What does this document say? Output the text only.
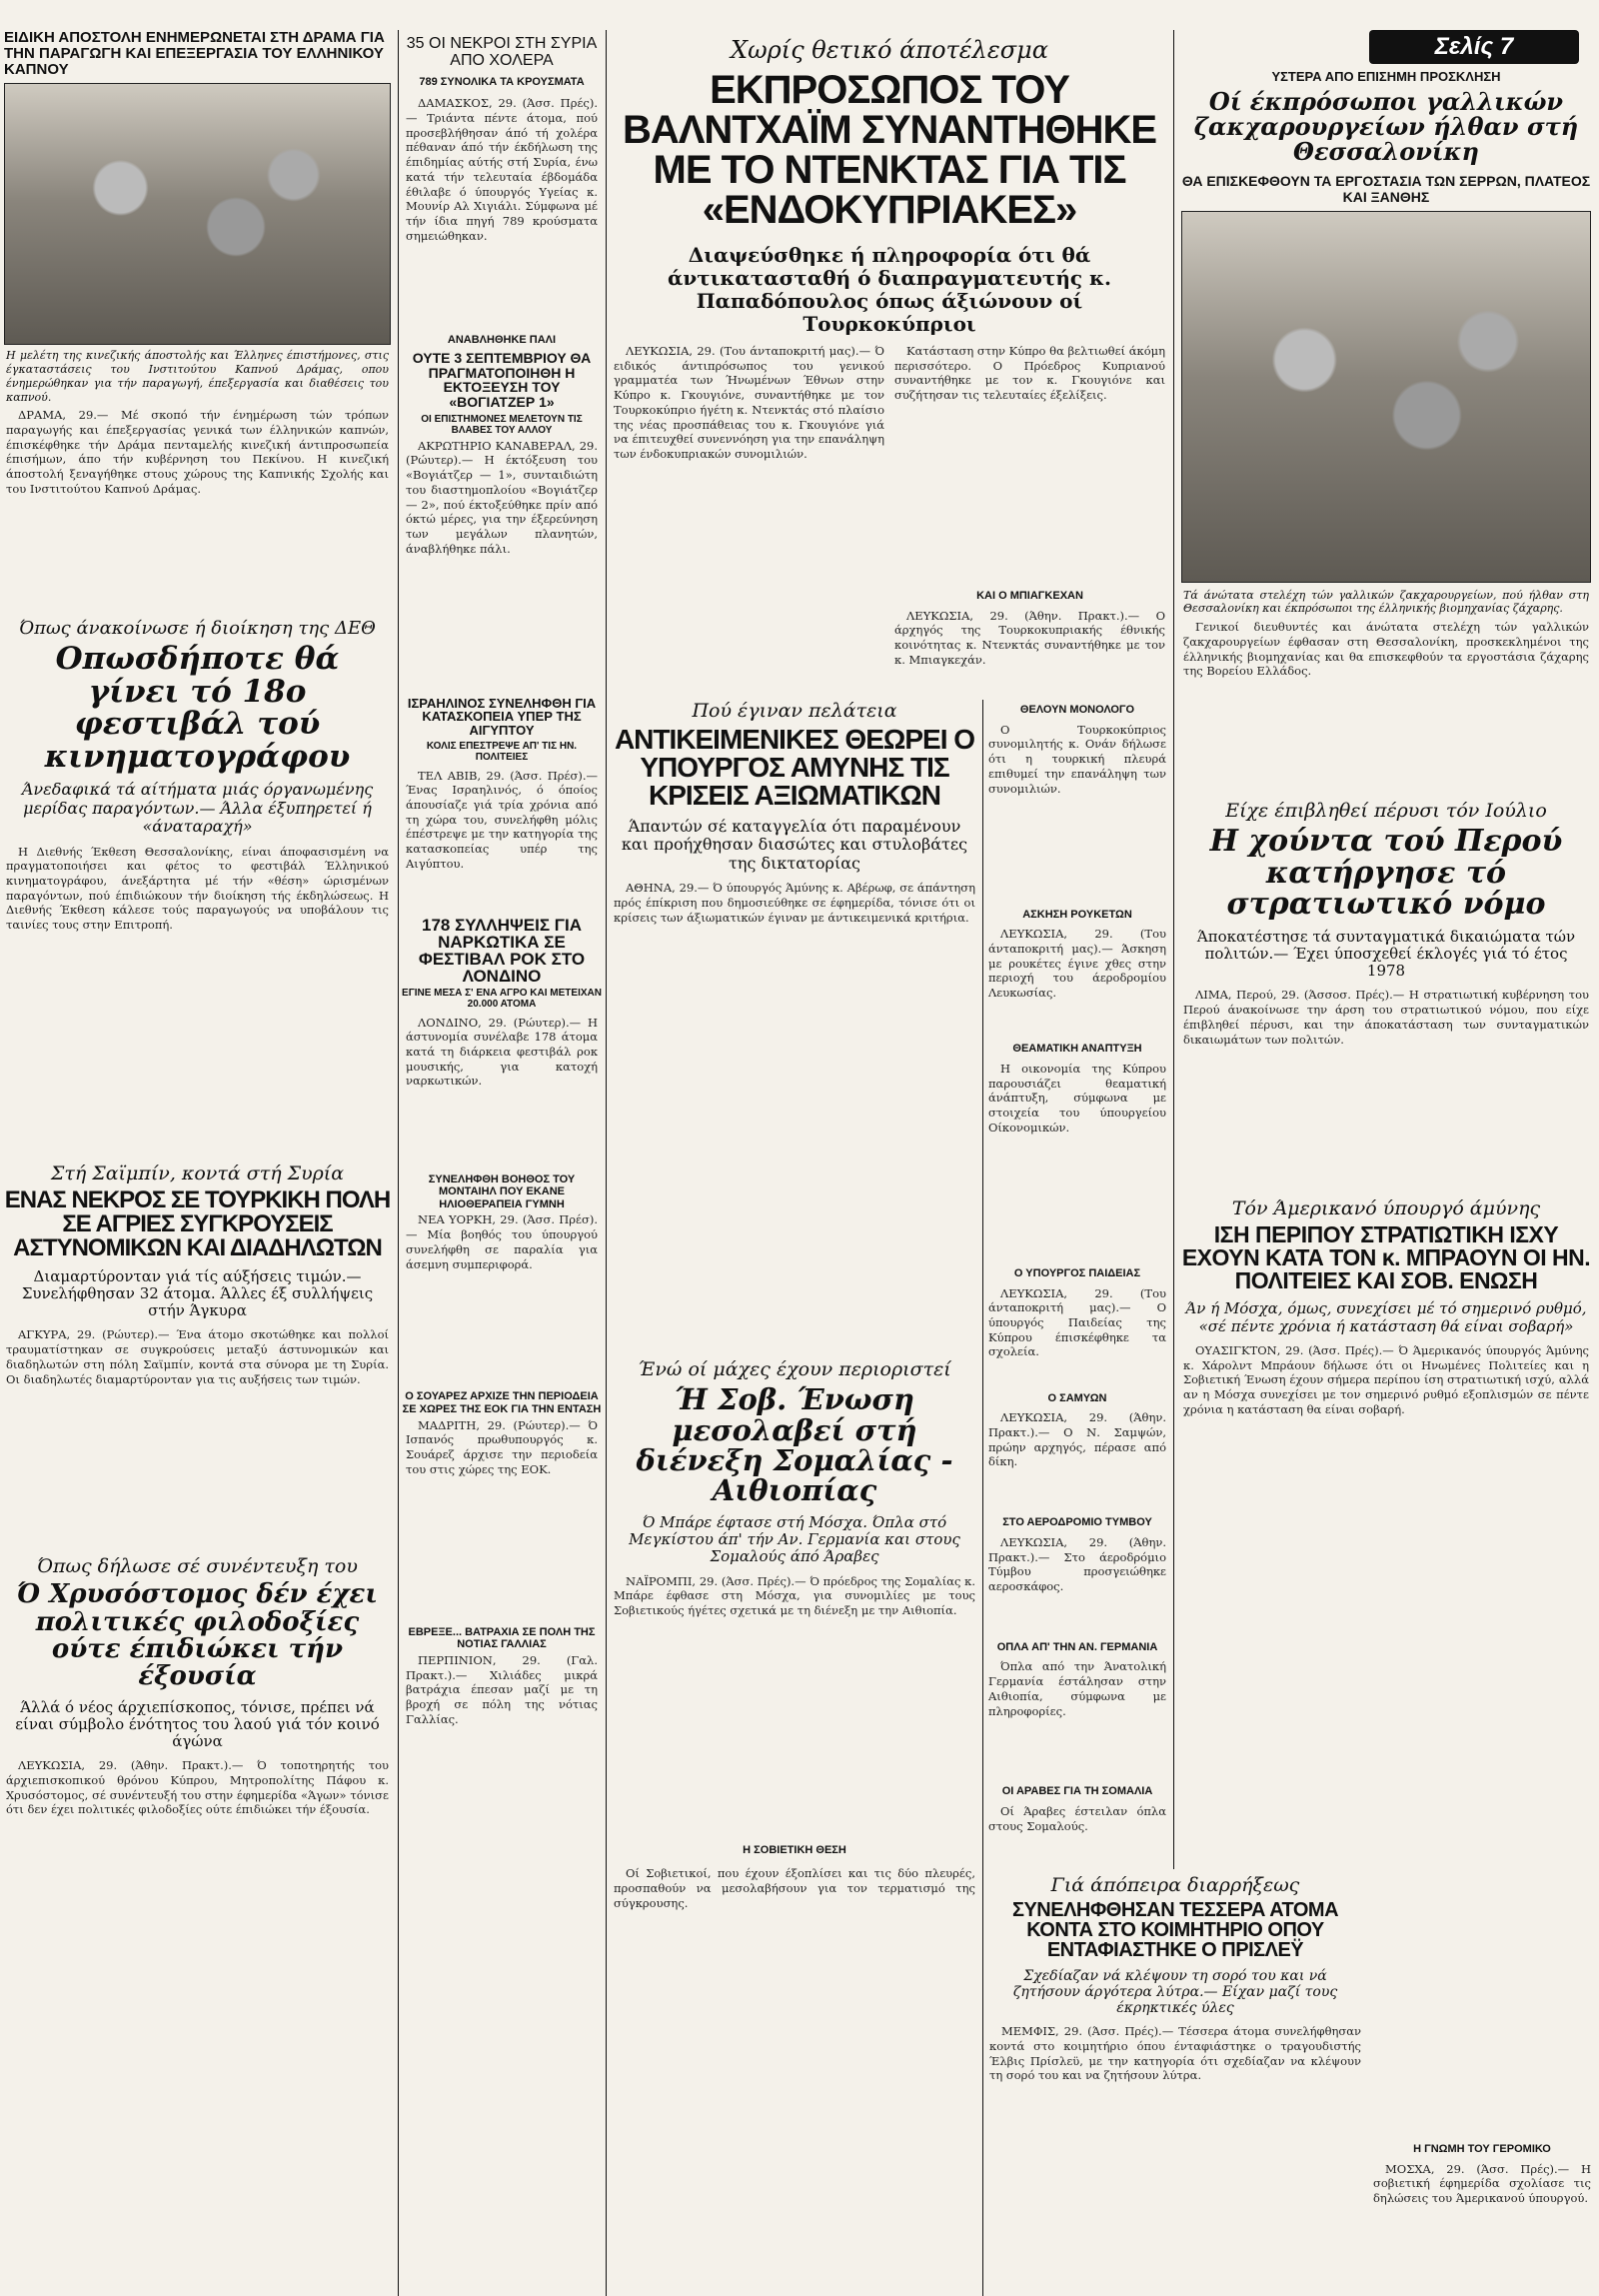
ΕΙΔΙΚΗ ΑΠΟΣΤΟΛΗ ΕΝΗΜΕΡΩΝΕΤΑΙ ΣΤΗ ΔΡΑΜΑ ΓΙΑ ΤΗΝ ΠΑΡΑΓΩΓΗ ΚΑΙ ΕΠΕΞΕΡΓΑΣΙΑ ΤΟΥ ΕΛΛΗΝΙΚΟΥ ΚΑΠΝΟΥ
Η μελέτη της κινεζικής άποστολής και Έλληνες έπιστήμονες, στις έγκαταστάσεις του Ινστιτούτου Καπνού Δράμας, οπου ένημερώθηκαν για τήν παραγωγή, έπεξεργασία και διαθέσεις του καπνού.

ΔΡΑΜΑ, 29.— Μέ σκοπό τήν ένημέρωση τών τρόπων παραγωγής και έπεξεργασίας γενικά των έλληνικών καπνών, έπισκέφθηκε τήν Δράμα πενταμελής κινεζική άντιπροσωπεία έπισήμων, άπο τήν κυβέρνηση του Πεκίνου. Η κινεζική άποστολή ξεναγήθηκε στους χώρους της Καπνικής Σχολής και του Ινστιτούτου Καπνού Δράμας.

Όπως άνακοίνωσε ή διοίκηση της ΔΕΘ
Οπωσδήποτε θά γίνει τό 18ο φεστιβάλ τού κινηματογράφου
Άνεδαφικά τά αίτήματα μιάς όργανωμένης μερίδας παραγόντων.— Άλλα έξυπηρετεί ή «άναταραχή»

Η Διεθνής Έκθεση Θεσσαλονίκης, είναι άποφασισμένη να πραγματοποιήσει και φέτος το φεστιβάλ Έλληνικού κινηματογράφου, άνεξάρτητα μέ τήν «θέση» ώρισμένων παραγόντων, πού έπιδιώκουν τήν διοίκηση τής έκδηλώσεως. Η Διεθνής Έκθεση κάλεσε τούς παραγωγούς να υποβάλουν τις ταινίες τους στην Επιτροπή.

Στή Σαϊμπίν, κοντά στή Συρία
ΕΝΑΣ ΝΕΚΡΟΣ ΣΕ ΤΟΥΡΚΙΚΗ ΠΟΛΗ ΣΕ ΑΓΡΙΕΣ ΣΥΓΚΡΟΥΣΕΙΣ ΑΣΤΥΝΟΜΙΚΩΝ ΚΑΙ ΔΙΑΔΗΛΩΤΩΝ
Διαμαρτύρονταν γιά τίς αύξήσεις τιμών.— Συνελήφθησαν 32 άτομα. Άλλες έξ συλλήψεις στήν Άγκυρα

ΑΓΚΥΡΑ, 29. (Ρώυτερ).— Ένα άτομο σκοτώθηκε και πολλοί τραυματίστηκαν σε συγκρούσεις μεταξύ άστυνομικών και διαδηλωτών στη πόλη Σαϊμπίν, κοντά στα σύνορα με τη Συρία. Οι διαδηλωτές διαμαρτύρονταν για τις αυξήσεις των τιμών.

Όπως δήλωσε σέ συνέντευξη του
Ό Χρυσόστομος δέν έχει πολιτικές φιλοδοξίες ούτε έπιδιώκει τήν έξουσία
Άλλά ό νέος άρχιεπίσκοπος, τόνισε, πρέπει νά είναι σύμβολο ένότητος του λαού γιά τόν κοινό άγώνα

ΛΕΥΚΩΣΙΑ, 29. (Άθην. Πρακτ.).— Ό τοποτηρητής του άρχιεπισκοπικού θρόνου Κύπρου, Μητροπολίτης Πάφου κ. Χρυσόστομος, σέ συνέντευξή του στην έφημερίδα «Άγων» τόνισε ότι δεν έχει πολιτικές φιλοδοξίες ούτε έπιδιώκει τήν έξουσία.

35 ΟΙ ΝΕΚΡΟΙ ΣΤΗ ΣΥΡΙΑ ΑΠΟ ΧΟΛΕΡΑ
789 ΣΥΝΟΛΙΚΑ ΤΑ ΚΡΟΥΣΜΑΤΑ

ΔΑΜΑΣΚΟΣ, 29. (Άσσ. Πρές).— Τριάντα πέντε άτομα, πού προσεβλήθησαν άπό τή χολέρα πέθαναν άπό τήν έκδήλωση της έπιδημίας αύτής στή Συρία, ένω κατά τήν τελευταία έβδομάδα έθιλαβε ό ύπουργός Υγείας κ. Μουνίρ Αλ Χιγιάλι. Σύμφωνα μέ τήν ίδια πηγή 789 κρούσματα σημειώθηκαν.

ΑΝΑΒΛΗΘΗΚΕ ΠΑΛΙ
ΟΥΤΕ 3 ΣΕΠΤΕΜΒΡΙΟΥ ΘΑ ΠΡΑΓΜΑΤΟΠΟΙΗΘΗ Η ΕΚΤΟΞΕΥΣΗ ΤΟΥ «ΒΟΓΙΑΤΖΕΡ 1»
ΟΙ ΕΠΙΣΤΗΜΟΝΕΣ ΜΕΛΕΤΟΥΝ ΤΙΣ ΒΛΑΒΕΣ ΤΟΥ ΑΛΛΟΥ

ΑΚΡΩΤΗΡΙΟ ΚΑΝΑΒΕΡΑΛ, 29. (Ρώυτερ).— Η έκτόξευση του «Βογιάτζερ — 1», συνταιδιώτη του διαστημοπλοίου «Βογιάτζερ — 2», πού έκτοξεύθηκε πρίν από όκτώ μέρες, για την έξερεύνηση των μεγάλων πλανητών, άναβλήθηκε πάλι.

ΙΣΡΑΗΛΙΝΟΣ ΣΥΝΕΛΗΦΘΗ ΓΙΑ ΚΑΤΑΣΚΟΠΕΙΑ ΥΠΕΡ ΤΗΣ ΑΙΓΥΠΤΟΥ
ΚΟΛΙΣ ΕΠΕΣΤΡΕΨΕ ΑΠ' ΤΙΣ ΗΝ. ΠΟΛΙΤΕΙΕΣ

ΤΕΛ ΑΒΙΒ, 29. (Άσσ. Πρέσ).— Ένας Ισραηλινός, ό όποίος άπουσίαζε γιά τρία χρόνια από τη χώρα του, συνελήφθη μόλις έπέστρεψε με την κατηγορία της κατασκοπείας υπέρ της Αιγύπτου.

178 ΣΥΛΛΗΨΕΙΣ ΓΙΑ ΝΑΡΚΩΤΙΚΑ ΣΕ ΦΕΣΤΙΒΑΛ ΡΟΚ ΣΤΟ ΛΟΝΔΙΝΟ
ΕΓΙΝΕ ΜΕΣΑ Σ' ΕΝΑ ΑΓΡΟ ΚΑΙ ΜΕΤΕΙΧΑΝ 20.000 ΑΤΟΜΑ

ΛΟΝΔΙΝΟ, 29. (Ρώυτερ).— Η άστυνομία συνέλαβε 178 άτομα κατά τη διάρκεια φεστιβάλ ροκ μουσικής, για κατοχή ναρκωτικών.

ΣΥΝΕΛΗΦΘΗ ΒΟΗΘΟΣ ΤΟΥ ΜΟΝΤΑΙΗΛ ΠΟΥ ΕΚΑΝΕ ΗΛΙΟΘΕΡΑΠΕΙΑ ΓΥΜΝΗ

ΝΕΑ ΥΟΡΚΗ, 29. (Άσσ. Πρέσ).— Μία βοηθός του ύπουργού συνελήφθη σε παραλία για άσεμνη συμπεριφορά.

Ο ΣΟΥΑΡΕΖ ΑΡΧΙΖΕ ΤΗΝ ΠΕΡΙΟΔΕΙΑ ΣΕ ΧΩΡΕΣ ΤΗΣ ΕΟΚ ΓΙΑ ΤΗΝ ΕΝΤΑΣΗ

ΜΑΔΡΙΤΗ, 29. (Ρώυτερ).— Ό Ισπανός πρωθυπουργός κ. Σουάρεζ άρχισε την περιοδεία του στις χώρες της ΕΟΚ.

ΕΒΡΕΞΕ... ΒΑΤΡΑΧΙΑ ΣΕ ΠΟΛΗ ΤΗΣ ΝΟΤΙΑΣ ΓΑΛΛΙΑΣ

ΠΕΡΠΙΝΙΟΝ, 29. (Γαλ. Πρακτ.).— Χιλιάδες μικρά βατράχια έπεσαν μαζί με τη βροχή σε πόλη της νότιας Γαλλίας.

Χωρίς θετικό άποτέλεσμα
ΕΚΠΡΟΣΩΠΟΣ ΤΟΥ ΒΑΛΝΤΧΑΪΜ ΣΥΝΑΝΤΗΘΗΚΕ ΜΕ ΤΟ ΝΤΕΝΚΤΑΣ ΓΙΑ ΤΙΣ «ΕΝΔΟΚΥΠΡΙΑΚΕΣ»
Διαψεύσθηκε ή πληροφορία ότι θά άντικατασταθή ό διαπραγματευτής κ. Παπαδόπουλος όπως άξιώνουν οί Τουρκοκύπριοι

ΛΕΥΚΩΣΙΑ, 29. (Του άνταποκριτή μας).— Ό ειδικός άντιπρόσωπος του γενικού γραμματέα των Ήνωμένων Έθνων στην Κύπρο κ. Γκουγιόνε, συναντήθηκε με τον Τουρκοκύπριο ήγέτη κ. Ντενκτάς στό πλαίσιο της νέας προσπάθειας του κ. Γκουγιόνε γιά να έπιτευχθεί συνεννόηση για την επανάληψη των ένδοκυπριακών συνομιλιών.

Κατάσταση στην Κύπρο θα βελτιωθεί άκόμη περισσότερο. Ο Πρόεδρος Κυπριανού συναντήθηκε με τον κ. Γκουγιόνε και συζήτησαν τις τελευταίες έξελίξεις.

ΚΑΙ Ο ΜΠΙΑΓΚΕΧΑΝ

ΛΕΥΚΩΣΙΑ, 29. (Άθην. Πρακτ.).— Ο άρχηγός της Τουρκοκυπριακής έθνικής κοινότητας κ. Ντενκτάς συναντήθηκε με τον κ. Μπιαγκεχάν.

Πού έγιναν πελάτεια
ΑΝΤΙΚΕΙΜΕΝΙΚΕΣ ΘΕΩΡΕΙ Ο ΥΠΟΥΡΓΟΣ ΑΜΥΝΗΣ ΤΙΣ ΚΡΙΣΕΙΣ ΑΞΙΩΜΑΤΙΚΩΝ
Άπαντών σέ καταγγελία ότι παραμένουν και προήχθησαν διασώτες και στυλοβάτες της δικτατορίας

ΑΘΗΝΑ, 29.— Ό ύπουργός Άμύνης κ. Αβέρωφ, σε άπάντηση πρός έπίκριση που δημοσιεύθηκε σε έφημερίδα, τόνισε ότι οι κρίσεις των άξιωματικών έγιναν με άντικειμενικά κριτήρια.

Ένώ οί μάχες έχουν περιοριστεί
Ή Σοβ. Ένωση μεσολαβεί στή διένεξη Σομαλίας - Αιθιοπίας
Ό Μπάρε έφτασε στή Μόσχα. Όπλα στό Μεγκίστου άπ' τήν Αν. Γερμανία και στους Σομαλούς άπό Άραβες

ΝΑΪΡΟΜΠΙ, 29. (Άσσ. Πρές).— Ό πρόεδρος της Σομαλίας κ. Μπάρε έφθασε στη Μόσχα, για συνομιλίες με τους Σοβιετικούς ήγέτες σχετικά με τη διένεξη με την Αιθιοπία.

Η ΣΟΒΙΕΤΙΚΗ ΘΕΣΗ

Οί Σοβιετικοί, που έχουν έξοπλίσει και τις δύο πλευρές, προσπαθούν να μεσολαβήσουν για τον τερματισμό της σύγκρουσης.

ΘΕΛΟΥΝ ΜΟΝΟΛΟΓΟ

Ο Τουρκοκύπριος συνομιλητής κ. Ονάν δήλωσε ότι η τουρκική πλευρά επιθυμεί την επανάληψη των συνομιλιών.

ΑΣΚΗΣΗ ΡΟΥΚΕΤΩΝ

ΛΕΥΚΩΣΙΑ, 29. (Του άνταποκριτή μας).— Άσκηση με ρουκέτες έγινε χθες στην περιοχή του άεροδρομίου Λευκωσίας.

ΘΕΑΜΑΤΙΚΗ ΑΝΑΠΤΥΞΗ

Η οικονομία της Κύπρου παρουσιάζει θεαματική άνάπτυξη, σύμφωνα με στοιχεία του ύπουργείου Οίκονομικών.

Ο ΥΠΟΥΡΓΟΣ ΠΑΙΔΕΙΑΣ

ΛΕΥΚΩΣΙΑ, 29. (Του άνταποκριτή μας).— Ο ύπουργός Παιδείας της Κύπρου έπισκέφθηκε τα σχολεία.

Ο ΣΑΜΥΩΝ

ΛΕΥΚΩΣΙΑ, 29. (Άθην. Πρακτ.).— Ο Ν. Σαμψών, πρώην αρχηγός, πέρασε από δίκη.

ΣΤΟ ΑΕΡΟΔΡΟΜΙΟ ΤΥΜΒΟΥ

ΛΕΥΚΩΣΙΑ, 29. (Άθην. Πρακτ.).— Στο άεροδρόμιο Τύμβου προσγειώθηκε αεροσκάφος.

ΟΠΛΑ ΑΠ' ΤΗΝ ΑΝ. ΓΕΡΜΑΝΙΑ

Όπλα από την Άνατολική Γερμανία έστάλησαν στην Αιθιοπία, σύμφωνα με πληροφορίες.

ΟΙ ΑΡΑΒΕΣ ΓΙΑ ΤΗ ΣΟΜΑΛΙΑ

Οί Άραβες έστειλαν όπλα στους Σομαλούς.

Γιά άπόπειρα διαρρήξεως
ΣΥΝΕΛΗΦΘΗΣΑΝ ΤΕΣΣΕΡΑ ΑΤΟΜΑ ΚΟΝΤΑ ΣΤΟ ΚΟΙΜΗΤΗΡΙΟ ΟΠΟΥ ΕΝΤΑΦΙΑΣΤΗΚΕ Ο ΠΡΙΣΛΕΫ
Σχεδίαζαν νά κλέψουν τη σορό του και νά ζητήσουν άργότερα λύτρα.— Είχαν μαζί τους έκρηκτικές ύλες

ΜΕΜΦΙΣ, 29. (Άσσ. Πρές).— Τέσσερα άτομα συνελήφθησαν κοντά στο κοιμητήριο όπου ένταφιάστηκε ο τραγουδιστής Έλβις Πρίσλεϋ, με την κατηγορία ότι σχεδίαζαν να κλέψουν τη σορό του και να ζητήσουν λύτρα.

Σελίς 7
ΥΣΤΕΡΑ ΑΠΟ ΕΠΙΣΗΜΗ ΠΡΟΣΚΛΗΣΗ
Οί έκπρόσωποι γαλλικών ζακχαρουργείων ήλθαν στή Θεσσαλονίκη
ΘΑ ΕΠΙΣΚΕΦΘΟΥΝ ΤΑ ΕΡΓΟΣΤΑΣΙΑ ΤΩΝ ΣΕΡΡΩΝ, ΠΛΑΤΕΟΣ ΚΑΙ ΞΑΝΘΗΣ
Τά άνώτατα στελέχη τών γαλλικών ζακχαρουργείων, πού ήλθαν στη Θεσσαλονίκη και έκπρόσωποι της έλληνικής βιομηχανίας ζάχαρης.

Γενικοί διευθυντές και άνώτατα στελέχη τών γαλλικών ζακχαρουργείων έφθασαν στη Θεσσαλονίκη, προσκεκλημένοι της έλληνικής βιομηχανίας και θα επισκεφθούν τα εργοστάσια ζάχαρης της Βορείου Ελλάδος.

Είχε έπιβληθεί πέρυσι τόν Ιούλιο
Η χούντα τού Περού κατήργησε τό στρατιωτικό νόμο
Άποκατέστησε τά συνταγματικά δικαιώματα τών πολιτών.— Έχει ύποσχεθεί έκλογές γιά τό έτος 1978

ΛΙΜΑ, Περού, 29. (Άσσοσ. Πρές).— Η στρατιωτική κυβέρνηση του Περού άνακοίνωσε την άρση του στρατιωτικού νόμου, που είχε έπιβληθεί πέρυσι, και την άποκατάσταση των συνταγματικών δικαιωμάτων των πολιτών.

Τόν Άμερικανό ύπουργό άμύνης
ΙΣΗ ΠΕΡΙΠΟΥ ΣΤΡΑΤΙΩΤΙΚΗ ΙΣΧΥ ΕΧΟΥΝ ΚΑΤΑ ΤΟΝ κ. ΜΠΡΑΟΥΝ ΟΙ ΗΝ. ΠΟΛΙΤΕΙΕΣ ΚΑΙ ΣΟΒ. ΕΝΩΣΗ
Άν ή Μόσχα, όμως, συνεχίσει μέ τό σημερινό ρυθμό, «σέ πέντε χρόνια ή κατάσταση θά είναι σοβαρή»

ΟΥΑΣΙΓΚΤΟΝ, 29. (Άσσ. Πρές).— Ό Άμερικανός ύπουργός Άμύνης κ. Χάρολντ Μπράουν δήλωσε ότι οι Ηνωμένες Πολιτείες και η Σοβιετική Ένωση έχουν σήμερα περίπου ίση στρατιωτική ισχύ, αλλά αν η Μόσχα συνεχίσει με τον σημερινό ρυθμό εξοπλισμών σε πέντε χρόνια η κατάσταση θα είναι σοβαρή.

Η ΓΝΩΜΗ ΤΟΥ ΓΕΡΟΜΙΚΟ

ΜΟΣΧΑ, 29. (Άσσ. Πρές).— Η σοβιετική έφημερίδα σχολίασε τις δηλώσεις του Άμερικανού ύπουργού.
